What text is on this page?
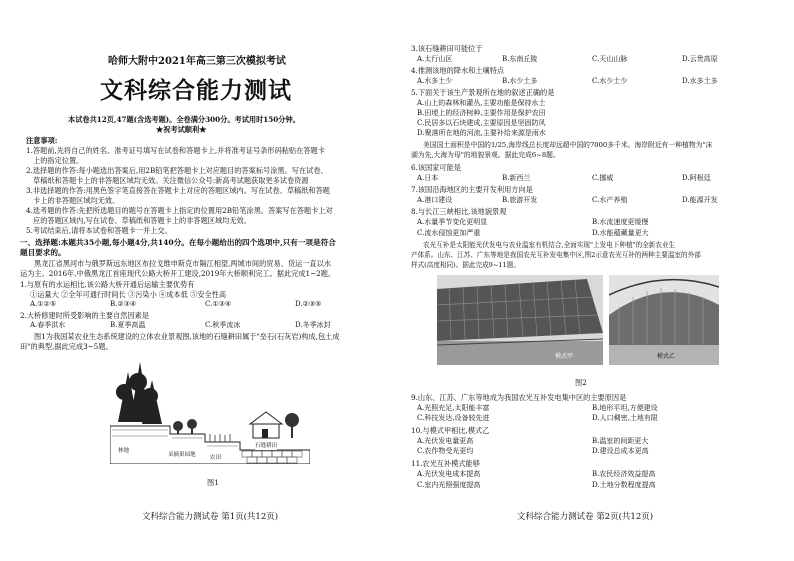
哈师大附中2021年高三第三次模拟考试
文科综合能力测试
本试卷共12页,47题(含选考题)。全卷满分300分。考试用时150分钟。
★祝考试顺利★
注意事项:
1.答题前,先将自己的姓名、准考证号填写在试卷和答题卡上,并将准考证号条形码粘贴在答题卡
上的指定位置。
2.选择题的作答:每小题选出答案后,用2B铅笔把答题卡上对应题目的答案标号涂黑。写在试卷、
草稿纸和答题卡上的非答题区域均无效。关注微信公众号:新高考试题获取更多试卷资源
3.非选择题的作答:用黑色签字笔直接答在答题卡上对应的答题区域内。写在试卷、草稿纸和答题
卡上的非答题区域均无效。
4.选考题的作答:先把所选题目的题号在答题卡上指定的位置用2B铅笔涂黑。答案写在答题卡上对
应的答题区域内,写在试卷、草稿纸和答题卡上的非答题区域均无效。
5.考试结束后,请将本试卷和答题卡一并上交。
一、选择题:本题共35小题,每小题4分,共140分。在每小题给出的四个选项中,只有一项是符合
题目要求的。
黑龙江省黑河市与俄罗斯远东地区布拉戈维申斯克市隔江相望,两城市间的贸易、货运一直以水
运为主。2016年,中俄黑龙江首座现代公路大桥开工建设,2019年大桥顺利完工。据此完成1~2题。
1.与原有的水运相比,该公路大桥开通后运输主要优势有
①运量大 ②全年可通行时间长 ③污染小 ④成本低 ⑤安全性高
A.①②⑤	B.②③④	C.①③④	D.②③⑤
2.大桥修建时所受影响的主要自然因素是
A.春季洪水	B.夏季高温	C.秋季流冰	D.冬季冰封
图1为我国某农业生态系统建设的立体农业景观图,该地的石缝耕田属于"垒石(石灰岩)构成,包土成
田"的典型,据此完成3~5题。
林地
采摘果园地	农田
石缝耕田
图1
文科综合能力测试卷 第1页(共12页)
3.该石缝耕田可能位于
A.太行山区	B.东南丘陵	C.天山山脉	D.云贵高原
4.推测该地的降水和土壤特点
A.水多土少	B.水少土多	C.水少土少	D.水多土多
5.下面关于该生产景观所在地的叙述正确的是
A.山上的森林和灌丛,主要功能是保持水土
B.田埂上的经济树种,主要作用是保护农田
C.民居多以石块建成,主要原因是坚固防风
D.聚落所在地的河流,主要补给来源是雨水
美国国土面积是中国的1/25,海岸线总长度却远超中国的7000多千米。海岸附近有一种植物为"沫
湖为先,大海为母"的地貌景观。据此完成6~8题。
6.该国家可能是
A.日本	B.新西兰	C.挪威	D.阿根廷
7.该国沿海地区的主要开发利用方向是
A.港口建设	B.旅游开发	C.水产养殖	D.能源开发
8.与长江三峡相比,该地貌景观
A.水量季节变化更明显	B.水流速度更缓慢
C.流水侵蚀更加严重	D.水能蕴藏量更大
农光互补是太阳能光伏发电与农业温室有机结合,全面实现"上发电下种植"的全新农业生
产体系。山东、江苏、广东等地是我国农光互补发电集中区,图2示意农光互补的两种主要温室的外部
样式(高度相同)。据此完成9~11题。
模式甲	模式乙
图2
9.山东、江苏、广东等地成为我国农光互补发电集中区的主要原因是
A.光照充足,太阳能丰富	B.地形平坦,方便建设
C.科技发达,设备较先进	D.人口稠密,土地有限
10.与模式甲相比,模式乙
A.光伏发电量更高	B.温室的间距更大
C.农作物受光更均	D.建设总成本更高
11.农光互补模式能够
A.光伏发电成本提高	B.农民经济效益提高
C.室内光照强度提高	D.土地分数程度提高
文科综合能力测试卷 第2页(共12页)
